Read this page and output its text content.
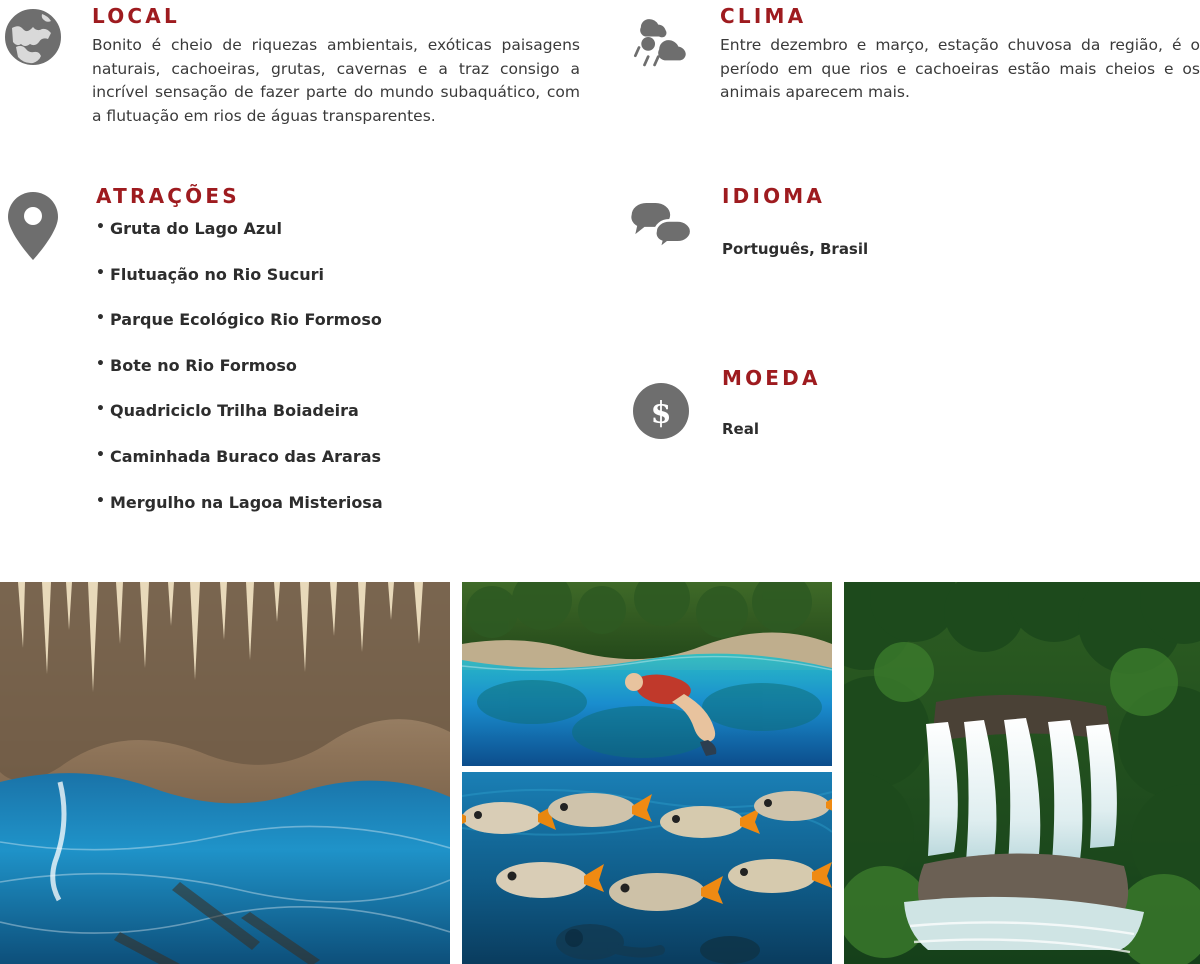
LOCAL

Bonito é cheio de riquezas ambientais, exóticas paisagens naturais, cachoeiras, grutas, cavernas e a traz consigo a incrível sensação de fazer parte do mundo subaquático, com a flutuação em rios de águas transparentes.

CLIMA

Entre dezembro e março, estação chuvosa da região, é o período em que rios e cachoeiras estão mais cheios e os animais aparecem mais.

ATRAÇÕES
• Gruta do Lago Azul
• Flutuação no Rio Sucuri
• Parque Ecológico Rio Formoso
• Bote no Rio Formoso
• Quadriciclo Trilha Boiadeira
• Caminhada Buraco das Araras
• Mergulho na Lagoa Misteriosa
IDIOMA

Português, Brasil

$
MOEDA

Real
